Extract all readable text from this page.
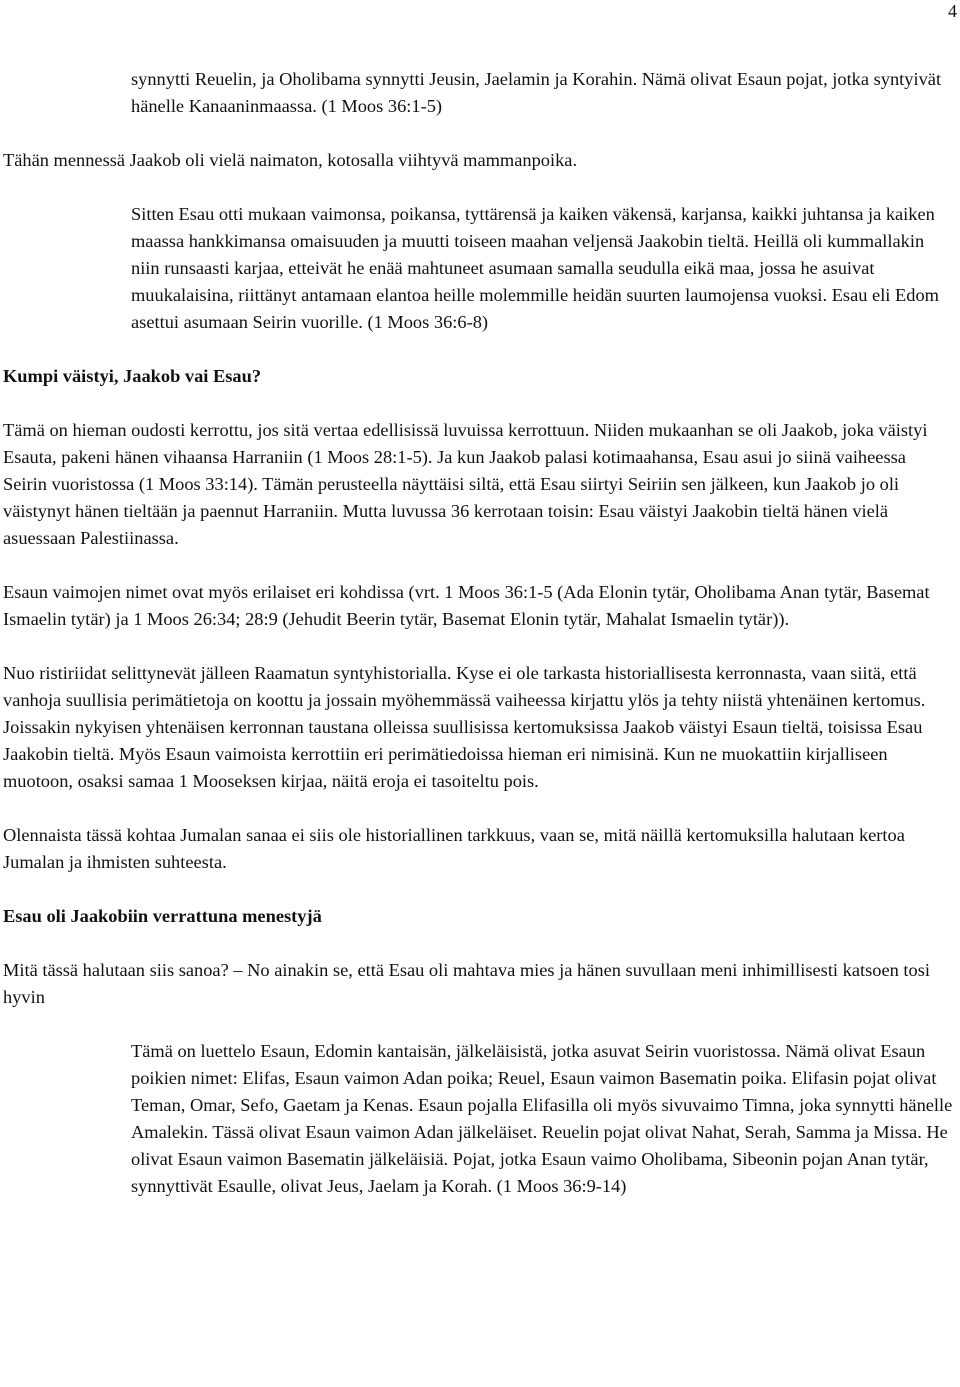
4

synnytti Reuelin, ja Oholibama synnytti Jeusin, Jaelamin ja Korahin. Nämä olivat Esaun pojat, jotka syntyivät hänelle Kanaaninmaassa. (1 Moos 36:1-5)

Tähän mennessä Jaakob oli vielä naimaton, kotosalla viihtyvä mammanpoika.

Sitten Esau otti mukaan vaimonsa, poikansa, tyttärensä ja kaiken väkensä, karjansa, kaikki juhtansa ja kaiken maassa hankkimansa omaisuuden ja muutti toiseen maahan veljensä Jaakobin tieltä. Heillä oli kummallakin niin runsaasti karjaa, etteivät he enää mahtuneet asumaan samalla seudulla eikä maa, jossa he asuivat muukalaisina, riittänyt antamaan elantoa heille molemmille heidän suurten laumojensa vuoksi. Esau eli Edom asettui asumaan Seirin vuorille. (1 Moos 36:6-8)

Kumpi väistyi, Jaakob vai Esau?

Tämä on hieman oudosti kerrottu, jos sitä vertaa edellisissä luvuissa kerrottuun. Niiden mukaanhan se oli Jaakob, joka väistyi Esauta, pakeni hänen vihaansa Harraniin (1 Moos 28:1-5). Ja kun Jaakob palasi kotimaahansa, Esau asui jo siinä vaiheessa Seirin vuoristossa (1 Moos 33:14). Tämän perusteella näyttäisi siltä, että Esau siirtyi Seiriin sen jälkeen, kun Jaakob jo oli väistynyt hänen tieltään ja paennut Harraniin. Mutta luvussa 36 kerrotaan toisin: Esau väistyi Jaakobin tieltä hänen vielä asuessaan Palestiinassa.

Esaun vaimojen nimet ovat myös erilaiset eri kohdissa (vrt. 1 Moos 36:1-5 (Ada Elonin tytär, Oholibama Anan tytär, Basemat Ismaelin tytär) ja 1 Moos 26:34; 28:9 (Jehudit Beerin tytär, Basemat Elonin tytär, Mahalat Ismaelin tytär)).

Nuo ristiriidat selittynevät jälleen Raamatun syntyhistorialla. Kyse ei ole tarkasta historiallisesta kerronnasta, vaan siitä, että vanhoja suullisia perimätietoja on koottu ja jossain myöhemmässä vaiheessa kirjattu ylös ja tehty niistä yhtenäinen kertomus. Joissakin nykyisen yhtenäisen kerronnan taustana olleissa suullisissa kertomuksissa Jaakob väistyi Esaun tieltä, toisissa Esau Jaakobin tieltä. Myös Esaun vaimoista kerrottiin eri perimätiedoissa hieman eri nimisinä. Kun ne muokattiin kirjalliseen muotoon, osaksi samaa 1 Mooseksen kirjaa, näitä eroja ei tasoiteltu pois.

Olennaista tässä kohtaa Jumalan sanaa ei siis ole historiallinen tarkkuus, vaan se, mitä näillä kertomuksilla halutaan kertoa Jumalan ja ihmisten suhteesta.

Esau oli Jaakobiin verrattuna menestyjä

Mitä tässä halutaan siis sanoa? – No ainakin se, että Esau oli mahtava mies ja hänen suvullaan meni inhimillisesti katsoen tosi hyvin

Tämä on luettelo Esaun, Edomin kantaisän, jälkeläisistä, jotka asuvat Seirin vuoristossa. Nämä olivat Esaun poikien nimet: Elifas, Esaun vaimon Adan poika; Reuel, Esaun vaimon Basematin poika. Elifasin pojat olivat Teman, Omar, Sefo, Gaetam ja Kenas. Esaun pojalla Elifasilla oli myös sivuvaimo Timna, joka synnytti hänelle Amalekin. Tässä olivat Esaun vaimon Adan jälkeläiset. Reuelin pojat olivat Nahat, Serah, Samma ja Missa. He olivat Esaun vaimon Basematin jälkeläisiä. Pojat, jotka Esaun vaimo Oholibama, Sibeonin pojan Anan tytär, synnyttivät Esaulle, olivat Jeus, Jaelam ja Korah. (1 Moos 36:9-14)
